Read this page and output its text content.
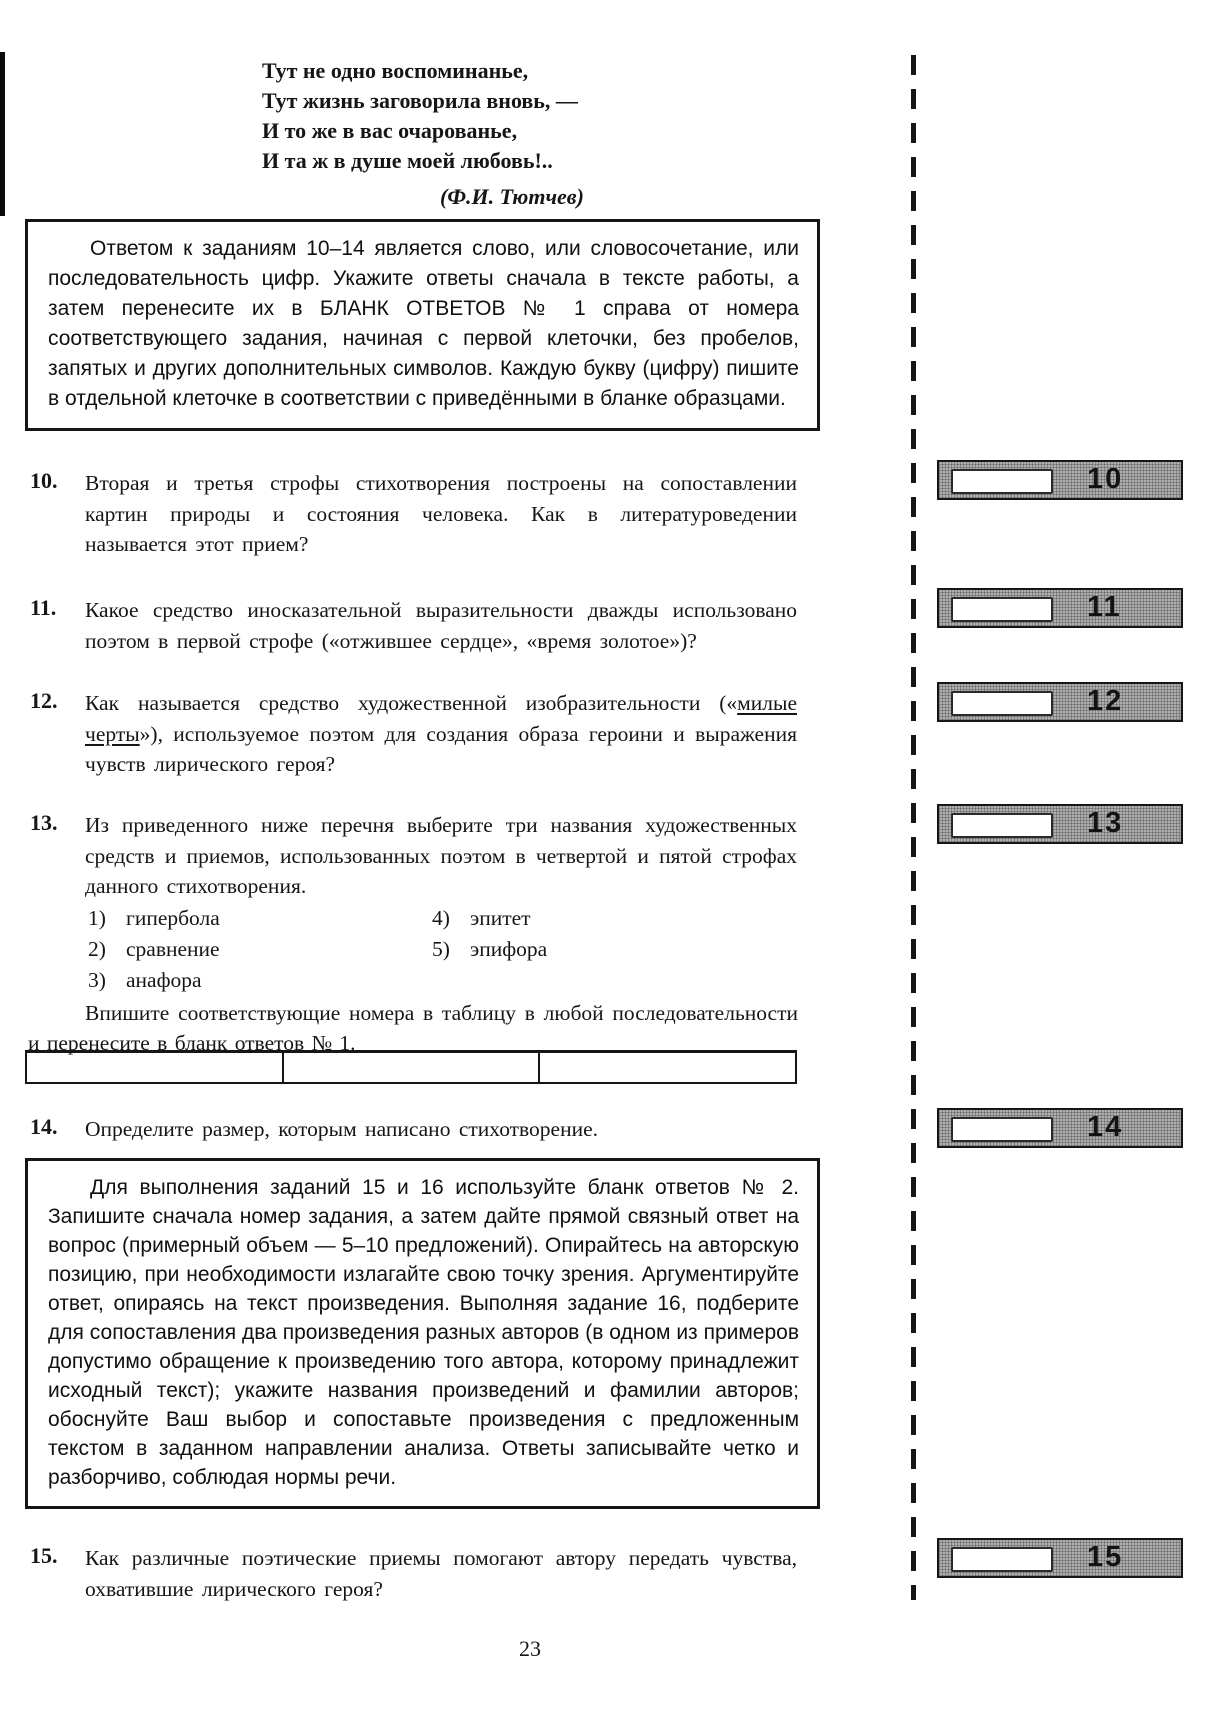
Тут не одно воспоминанье,
Тут жизнь заговорила вновь, —
И то же в вас очарованье,
И та ж в душе моей любовь!..
(Ф.И. Тютчев)

Ответом к заданиям 10–14 является слово, или словосочетание, или последовательность цифр. Укажите ответы сначала в тексте работы, а затем перенесите их в БЛАНК ОТВЕТОВ № 1 справа от номера соответствующего задания, начиная с первой клеточки, без пробелов, запятых и других дополнительных символов. Каждую букву (цифру) пишите в отдельной клеточке в соответствии с приведёнными в бланке образцами.

10. Вторая и третья строфы стихотворения построены на сопоставлении картин природы и состояния человека. Как в литературоведении называется этот прием?
11. Какое средство иносказательной выразительности дважды использовано поэтом в первой строфе («отжившее сердце», «время золотое»)?
12. Как называется средство художественной изобразительности («милые черты»), используемое поэтом для создания образа героини и выражения чувств лирического героя?
13. Из приведенного ниже перечня выберите три названия художественных средств и приемов, использованных поэтом в четвертой и пятой строфах данного стихотворения.
1) гипербола
2) сравнение
3) анафора
4) эпитет
5) эпифора
Впишите соответствующие номера в таблицу в любой последовательности и перенесите в бланк ответов № 1.
14. Определите размер, которым написано стихотворение.

Для выполнения заданий 15 и 16 используйте бланк ответов № 2. Запишите сначала номер задания, а затем дайте прямой связный ответ на вопрос (примерный объем — 5–10 предложений). Опирайтесь на авторскую позицию, при необходимости излагайте свою точку зрения. Аргументируйте ответ, опираясь на текст произведения. Выполняя задание 16, подберите для сопоставления два произведения разных авторов (в одном из примеров допустимо обращение к произведению того автора, которому принадлежит исходный текст); укажите названия произведений и фамилии авторов; обоснуйте Ваш выбор и сопоставьте произведения с предложенным текстом в заданном направлении анализа. Ответы записывайте четко и разборчиво, соблюдая нормы речи.

15. Как различные поэтические приемы помогают автору передать чувства, охватившие лирического героя?
10
11
12
13
14
15
23
